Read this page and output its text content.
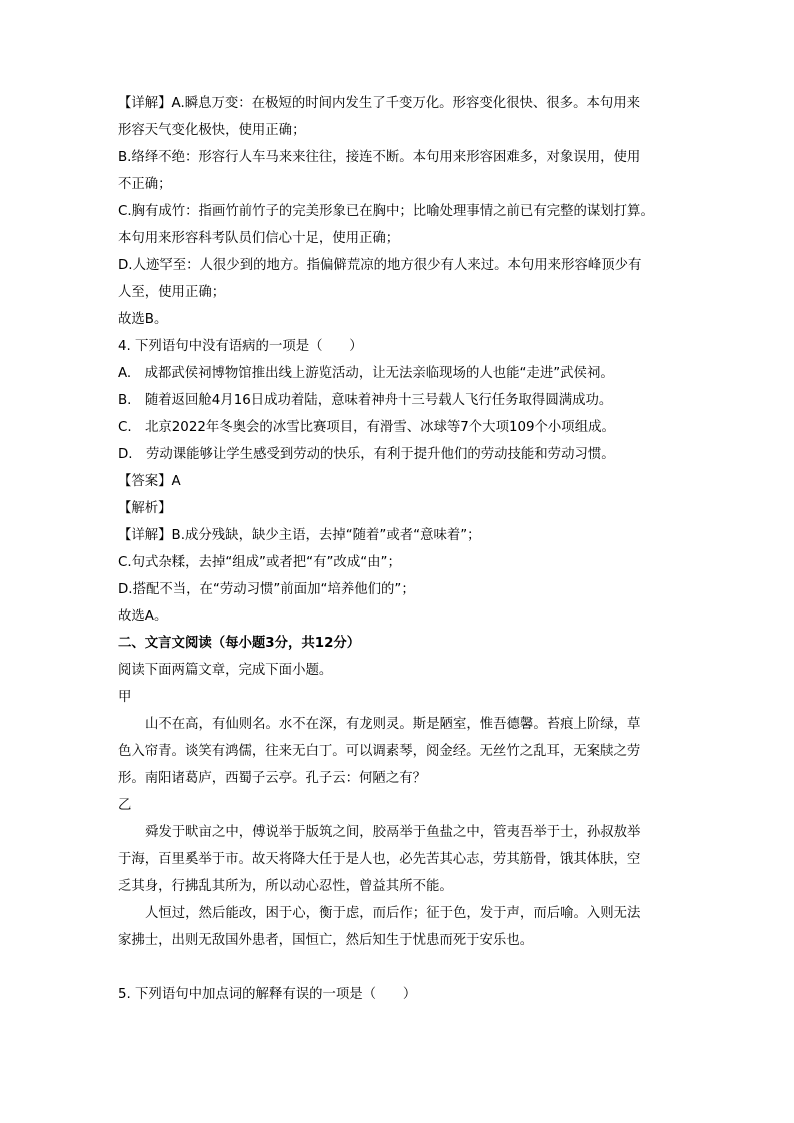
【详解】A.瞬息万变：在极短的时间内发生了千变万化。形容变化很快、很多。本句用来
形容天气变化极快，使用正确；
B.络绎不绝：形容行人车马来来往往，接连不断。本句用来形容困难多，对象误用，使用
不正确；
C.胸有成竹：指画竹前竹子的完美形象已在胸中；比喻处理事情之前已有完整的谋划打算。
本句用来形容科考队员们信心十足，使用正确；
D.人迹罕至：人很少到的地方。指偏僻荒凉的地方很少有人来过。本句用来形容峰顶少有
人至，使用正确；
故选B。
4. 下列语句中没有语病的一项是（　　）
A.　成都武侯祠博物馆推出线上游览活动，让无法亲临现场的人也能“走进”武侯祠。
B.　随着返回舱4月16日成功着陆，意味着神舟十三号载人飞行任务取得圆满成功。
C.　北京2022年冬奥会的冰雪比赛项目，有滑雪、冰球等7个大项109个小项组成。
D.　劳动课能够让学生感受到劳动的快乐，有利于提升他们的劳动技能和劳动习惯。
【答案】A
【解析】
【详解】B.成分残缺，缺少主语，去掉“随着”或者“意味着”；
C.句式杂糅，去掉“组成”或者把“有”改成“由”；
D.搭配不当，在“劳动习惯”前面加“培养他们的”；
故选A。
二、文言文阅读（每小题3分，共12分）
阅读下面两篇文章，完成下面小题。
甲
山不在高，有仙则名。水不在深，有龙则灵。斯是陋室，惟吾德馨。苔痕上阶绿，草
色入帘青。谈笑有鸿儒，往来无白丁。可以调素琴，阅金经。无丝竹之乱耳，无案牍之劳
形。南阳诸葛庐，西蜀子云亭。孔子云：何陋之有？
乙
舜发于畎亩之中，傅说举于版筑之间，胶鬲举于鱼盐之中，管夷吾举于士，孙叔敖举
于海，百里奚举于市。故天将降大任于是人也，必先苦其心志，劳其筋骨，饿其体肤，空
乏其身，行拂乱其所为，所以动心忍性，曾益其所不能。
人恒过，然后能改，困于心，衡于虑，而后作；征于色，发于声，而后喻。入则无法
家拂士，出则无敌国外患者，国恒亡，然后知生于忧患而死于安乐也。
5. 下列语句中加点词的解释有误的一项是（　　）
